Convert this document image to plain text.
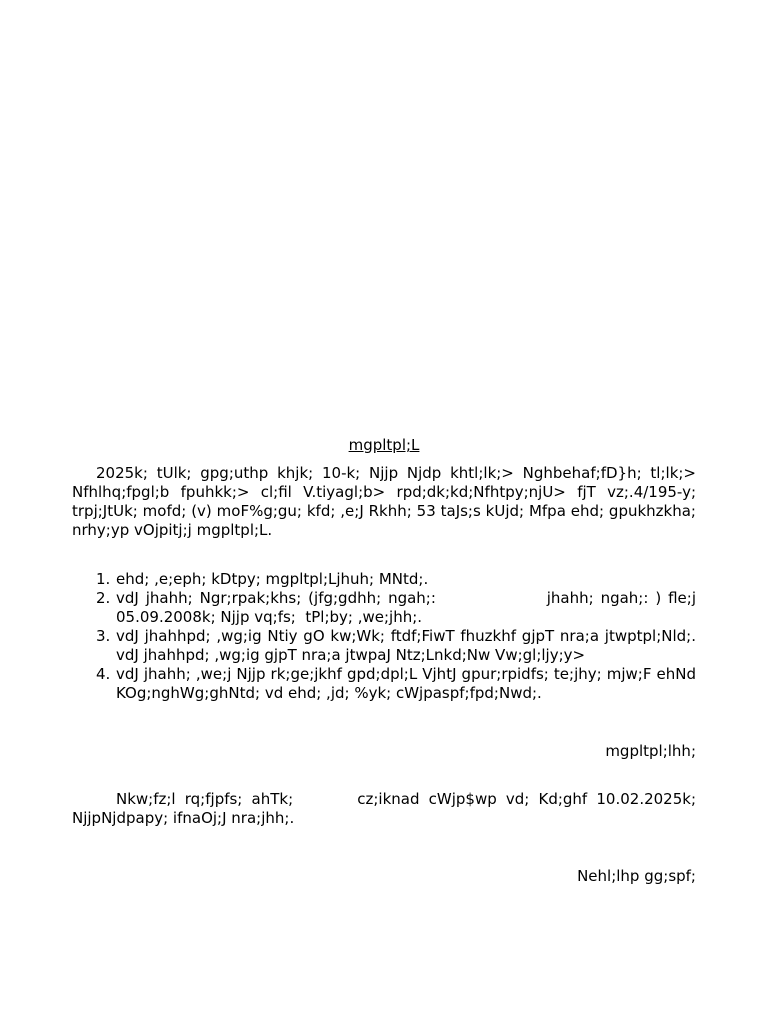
mgpltpl;L

2025k; tUlk; gpg;uthp khjk; 10-k; Njjp Njdp khtl;lk;> Nghbehaf;fD}h; tl;lk;> Nfhlhq;fpgl;b fpuhkk;> cl;fil V.tiyagl;b> rpd;dk;kd;Nfhtpy;njU> fjT vz;.4/195-y; trpj;JtUk; mofd; (v) moF%g;gu; kfd; ,e;J Rkhh; 53 taJs;s kUjd; Mfpa ehd; gpukhzkha; nrhy;yp vOjpitj;j mgpltpl;L.

1. ehd; ,e;eph; kDtpy; mgpltpl;Ljhuh; MNtd;.
2. vdJ jhahh; Ngr;rpak;khs; (jfg;gdhh; ngah;:                jhahh; ngah;: ) fle;j 05.09.2008k; Njjp vq;fs;  tPl;by; ,we;jhh;.
3. vdJ jhahhpd; ,wg;ig Ntiy gO kw;Wk; ftdf;FiwT fhuzkhf gjpT nra;a jtwptpl;Nld;. vdJ jhahhpd; ,wg;ig gjpT nra;a jtwpaJ Ntz;Lnkd;Nw Vw;gl;ljy;y>
4. vdJ jhahh; ,we;j Njjp rk;ge;jkhf gpd;dpl;L VjhtJ gpur;rpidfs; te;jhy; mjw;F ehNd KOg;nghWg;ghNtd; vd ehd; ,jd; %yk; cWjpaspf;fpd;Nwd;.
mgpltpl;lhh;

Nkw;fz;l rq;fjpfs; ahTk;       cz;iknad cWjp$wp vd; Kd;ghf 10.02.2025k; NjjpNjdpapy; ifnaOj;J nra;jhh;.

Nehl;lhp gg;spf;
